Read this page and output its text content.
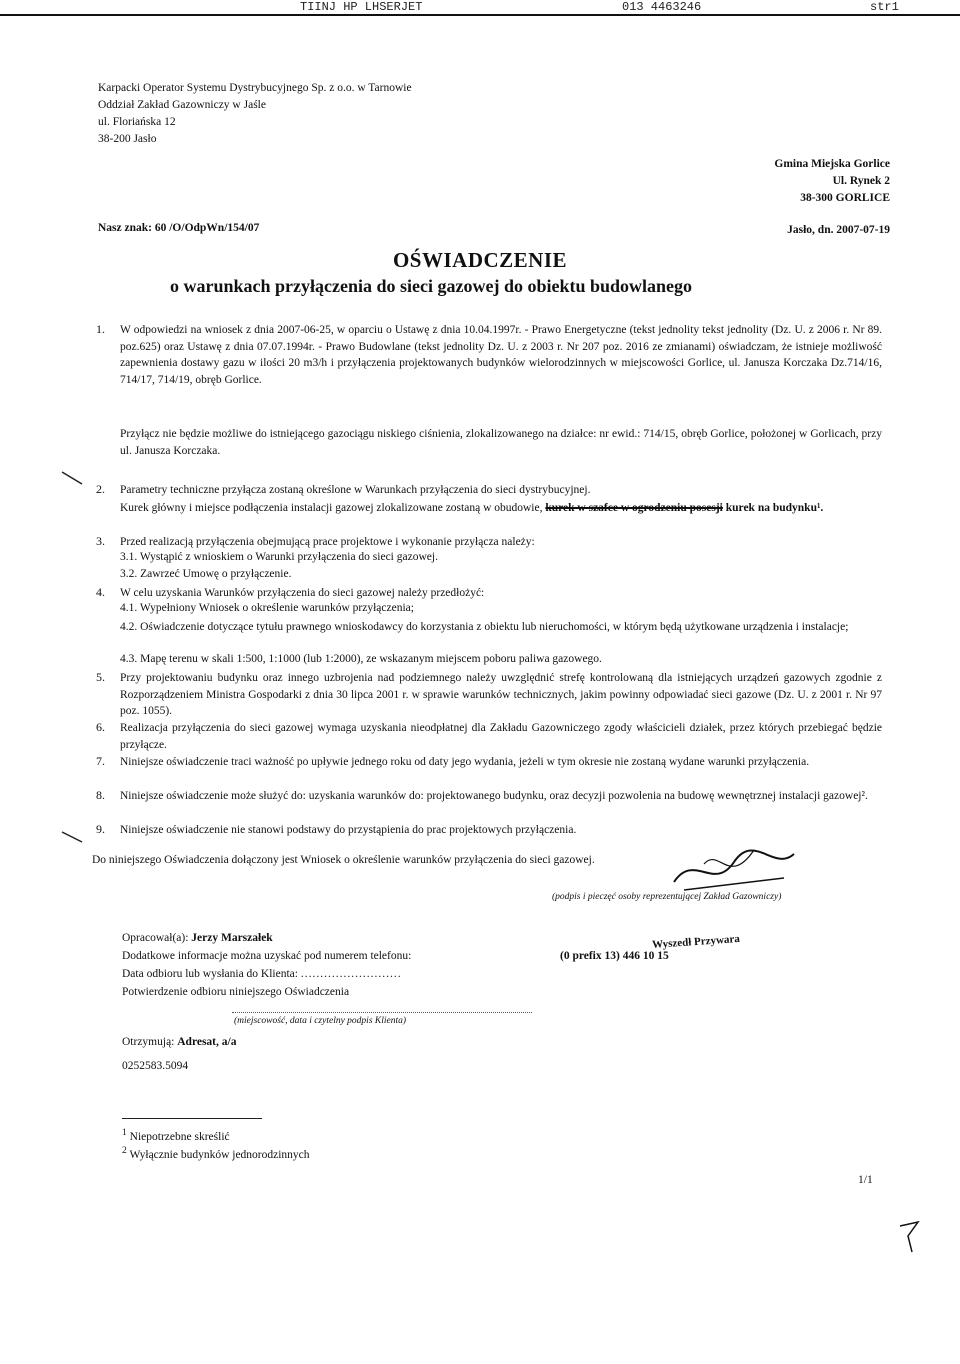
TIINJ HP LHSERJET	013 4463246	str1
Karpacki Operator Systemu Dystrybucyjnego Sp. z o.o. w Tarnowie
Oddział Zakład Gazowniczy w Jaśle
ul. Floriańska 12
38-200 Jasło
Gmina Miejska Gorlice
Ul. Rynek 2
38-300 GORLICE
Nasz znak: 60 /O/OdpWn/154/07	Jasło, dn. 2007-07-19
OŚWIADCZENIE
o warunkach przyłączenia do sieci gazowej do obiektu budowlanego
1. W odpowiedzi na wniosek z dnia 2007-06-25, w oparciu o Ustawę z dnia 10.04.1997r. - Prawo Energetyczne (tekst jednolity tekst jednolity (Dz. U. z 2006 r. Nr 89. poz.625) oraz Ustawę z dnia 07.07.1994r. - Prawo Budowlane (tekst jednolity Dz. U. z 2003 r. Nr 207 poz. 2016 ze zmianami) oświadczam, że istnieje możliwość zapewnienia dostawy gazu w ilości 20 m3/h i przyłączenia projektowanych budynków wielorodzinnych w miejscowości Gorlice, ul. Janusza Korczaka Dz.714/16, 714/17, 714/19, obręb Gorlice.
Przyłącz nie będzie możliwe do istniejącego gazociągu niskiego ciśnienia, zlokalizowanego na działce: nr ewid.: 714/15, obręb Gorlice, położonej w Gorlicach, przy ul. Janusza Korczaka.
2. Parametry techniczne przyłącza zostaną określone w Warunkach przyłączenia do sieci dystrybucyjnej.
Kurek główny i miejsce podłączenia instalacji gazowej zlokalizowane zostaną w obudowie, kurek w szafce w ogrodzeniu posesji kurek na budynku¹.
3. Przed realizacją przyłączenia obejmującą prace projektowe i wykonanie przyłącza należy:
3.1. Wystąpić z wnioskiem o Warunki przyłączenia do sieci gazowej.
3.2. Zawrzeć Umowę o przyłączenie.
4. W celu uzyskania Warunków przyłączenia do sieci gazowej należy przedłożyć:
4.1. Wypełniony Wniosek o określenie warunków przyłączenia;
4.2. Oświadczenie dotyczące tytułu prawnego wnioskodawcy do korzystania z obiektu lub nieruchomości, w którym będą użytkowane urządzenia i instalacje;
4.3. Mapę terenu w skali 1:500, 1:1000 (lub 1:2000), ze wskazanym miejscem poboru paliwa gazowego.
5. Przy projektowaniu budynku oraz innego uzbrojenia nad podziemnego należy uwzględnić strefę kontrolowaną dla istniejących urządzeń gazowych zgodnie z Rozporządzeniem Ministra Gospodarki z dnia 30 lipca 2001 r. w sprawie warunków technicznych, jakim powinny odpowiadać sieci gazowe (Dz. U. z 2001 r. Nr 97 poz. 1055).
6. Realizacja przyłączenia do sieci gazowej wymaga uzyskania nieodpłatnej dla Zakładu Gazowniczego zgody właścicieli działek, przez których przebiegać będzie przyłącze.
7. Niniejsze oświadczenie traci ważność po upływie jednego roku od daty jego wydania, jeżeli w tym okresie nie zostaną wydane warunki przyłączenia.
8. Niniejsze oświadczenie może służyć do: uzyskania warunków do: projektowanego budynku, oraz decyzji pozwolenia na budowę wewnętrznej instalacji gazowej².
9. Niniejsze oświadczenie nie stanowi podstawy do przystąpienia do prac projektowych przyłączenia.
Do niniejszego Oświadczenia dołączony jest Wniosek o określenie warunków przyłączenia do sieci gazowej.
(podpis i pieczęć osoby reprezentującej Zakład Gazowniczy)
Opracował(a): Jerzy Marszałek
Dodatkowe informacje można uzyskać pod numerem telefonu:	(0 prefix 13) 446 10 15
Wyszedł Przywara
Data odbioru lub wysłania do Klienta: ..........................
Potwierdzenie odbioru niniejszego Oświadczenia
(miejscowość, data i czytelny podpis Klienta)
Otrzymują: Adresat, a/a
0252583.5094
$^1$ Niepotrzebne skreślić
$^2$ Wyłącznie budynków jednorodzinnych
1/1
